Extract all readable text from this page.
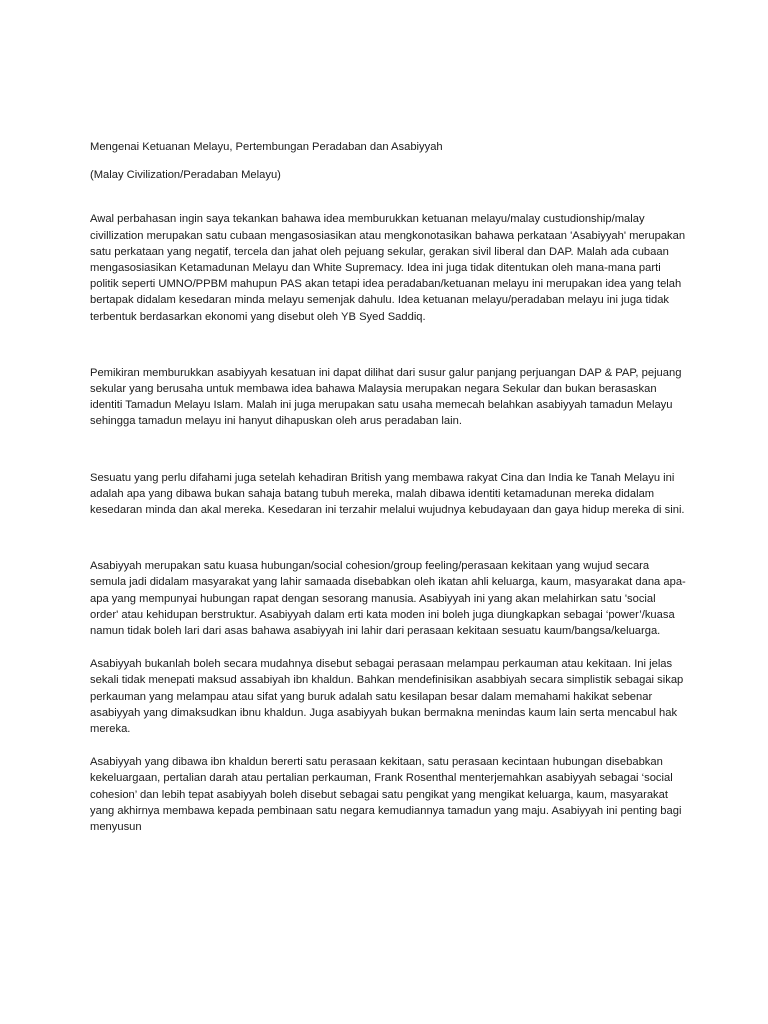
Mengenai Ketuanan Melayu, Pertembungan Peradaban dan Asabiyyah

(Malay Civilization/Peradaban Melayu)

Awal perbahasan ingin saya tekankan bahawa idea memburukkan ketuanan melayu/malay custudionship/malay civillization merupakan satu cubaan mengasosiasikan atau mengkonotasikan bahawa perkataan 'Asabiyyah' merupakan satu perkataan yang negatif, tercela dan jahat oleh pejuang sekular, gerakan sivil liberal dan DAP. Malah ada cubaan mengasosiasikan Ketamadunan Melayu dan White Supremacy. Idea ini juga tidak ditentukan oleh mana-mana parti politik seperti UMNO/PPBM mahupun PAS akan tetapi idea peradaban/ketuanan melayu ini merupakan idea yang telah bertapak didalam kesedaran minda melayu semenjak dahulu. Idea ketuanan melayu/peradaban melayu ini juga tidak terbentuk berdasarkan ekonomi yang disebut oleh YB Syed Saddiq.

Pemikiran memburukkan asabiyyah kesatuan ini dapat dilihat dari susur galur panjang perjuangan DAP & PAP, pejuang sekular yang berusaha untuk membawa idea bahawa Malaysia merupakan negara Sekular dan bukan berasaskan identiti Tamadun Melayu Islam. Malah ini juga merupakan satu usaha memecah belahkan asabiyyah tamadun Melayu sehingga tamadun melayu ini hanyut dihapuskan oleh arus peradaban lain.

Sesuatu yang perlu difahami juga setelah kehadiran British yang membawa rakyat Cina dan India ke Tanah Melayu ini adalah apa yang dibawa bukan sahaja batang tubuh mereka, malah dibawa identiti ketamadunan mereka didalam kesedaran minda dan akal mereka. Kesedaran ini terzahir melalui wujudnya kebudayaan dan gaya hidup mereka di sini.

Asabiyyah merupakan satu kuasa hubungan/social cohesion/group feeling/perasaan kekitaan yang wujud secara semula jadi didalam masyarakat yang lahir samaada disebabkan oleh ikatan ahli keluarga, kaum, masyarakat dana apa-apa yang mempunyai hubungan rapat dengan sesorang manusia. Asabiyyah ini yang akan melahirkan satu 'social order' atau kehidupan berstruktur. Asabiyyah dalam erti kata moden ini boleh juga diungkapkan sebagai ‘power’/kuasa namun tidak boleh lari dari asas bahawa asabiyyah ini lahir dari perasaan kekitaan sesuatu kaum/bangsa/keluarga.

Asabiyyah bukanlah boleh secara mudahnya disebut sebagai perasaan melampau perkauman atau kekitaan. Ini jelas sekali tidak menepati maksud assabiyah ibn khaldun. Bahkan mendefinisikan asabbiyah secara simplistik sebagai sikap perkauman yang melampau atau sifat yang buruk adalah satu kesilapan besar dalam memahami hakikat sebenar asabiyyah yang dimaksudkan ibnu khaldun. Juga asabiyyah bukan bermakna menindas kaum lain serta mencabul hak mereka.

Asabiyyah yang dibawa ibn khaldun bererti satu perasaan kekitaan, satu perasaan kecintaan hubungan disebabkan kekeluargaan, pertalian darah atau pertalian perkauman, Frank Rosenthal menterjemahkan asabiyyah sebagai ‘social cohesion’ dan lebih tepat asabiyyah boleh disebut sebagai satu pengikat yang mengikat keluarga, kaum, masyarakat yang akhirnya membawa kepada pembinaan satu negara kemudiannya tamadun yang maju. Asabiyyah ini penting bagi menyusun
